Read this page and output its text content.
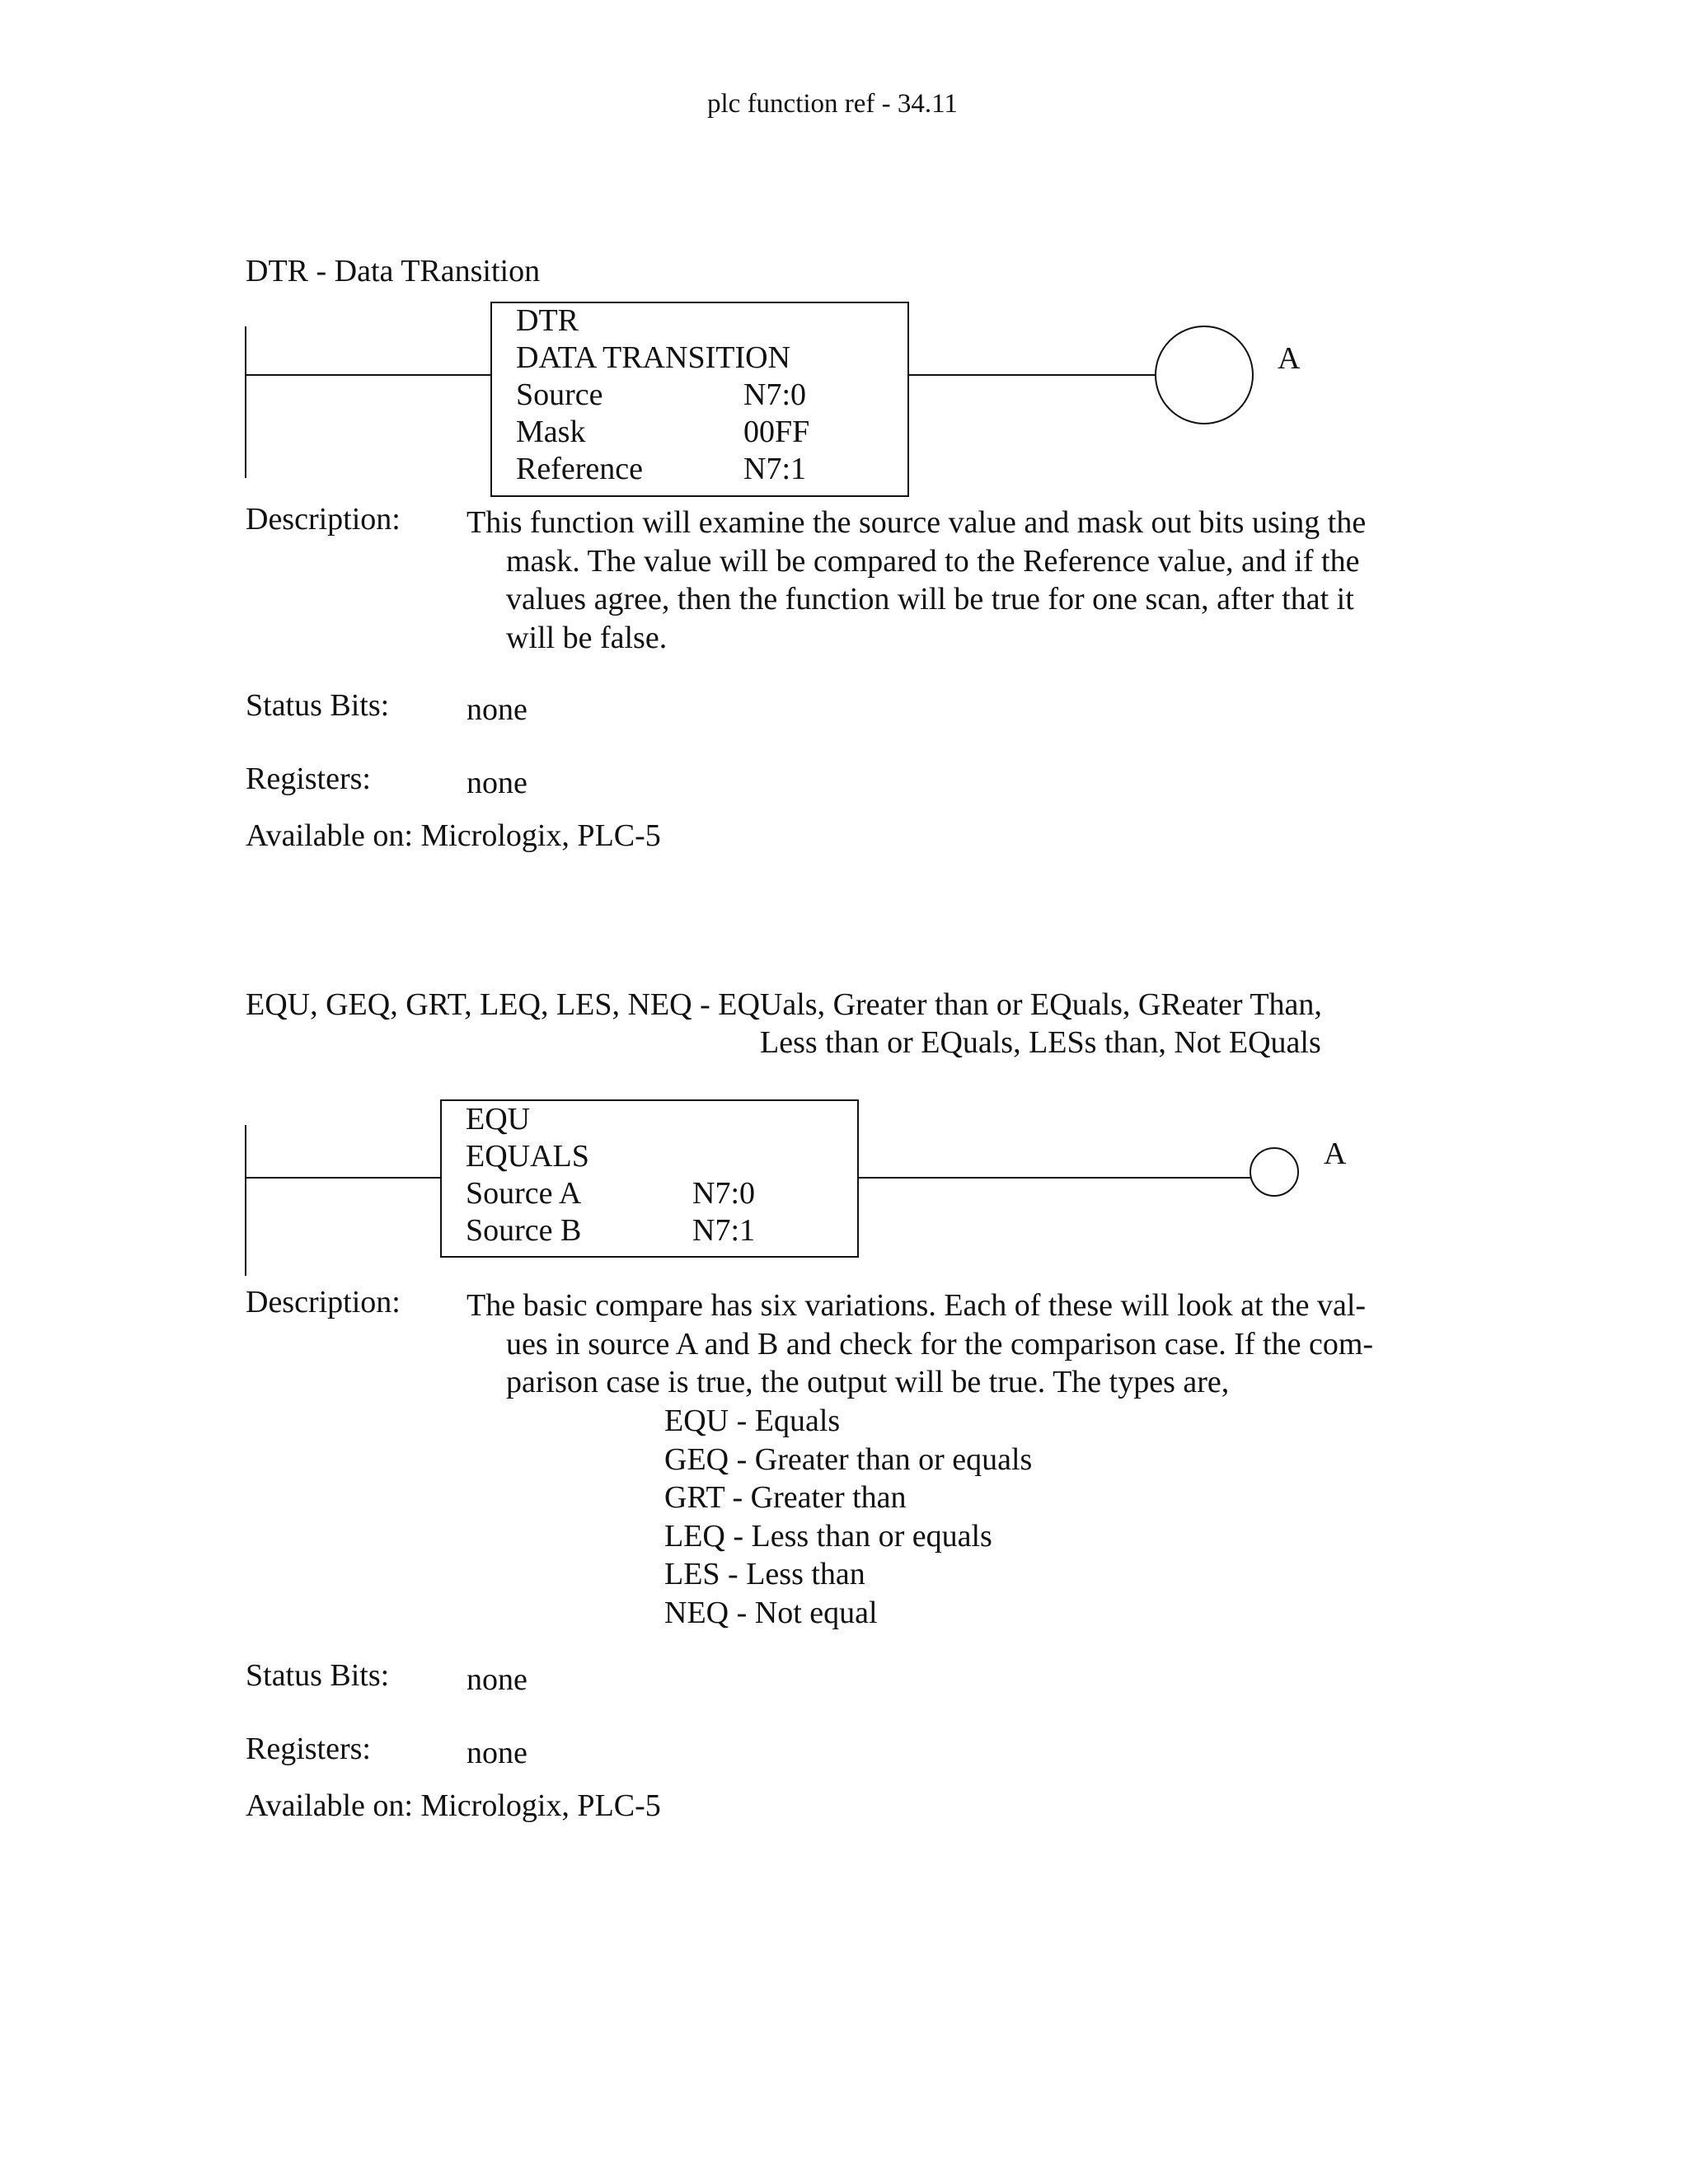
plc function ref - 34.11
DTR - Data TRansition
DTR
DATA TRANSITION
Source	N7:0
Mask	00FF
Reference	N7:1
A
Description: This function will examine the source value and mask out bits using the
mask. The value will be compared to the Reference value, and if the
values agree, then the function will be true for one scan, after that it
will be false.
Status Bits: none
Registers:	none
Available on: Micrologix, PLC-5
EQU, GEQ, GRT, LEQ, LES, NEQ - EQUals, Greater than or EQuals, GReater Than,
Less than or EQuals, LESs than, Not EQuals
EQU
EQUALS
Source A	N7:0
Source B	N7:1
A
Description: The basic compare has six variations. Each of these will look at the val-
ues in source A and B and check for the comparison case. If the com-
parison case is true, the output will be true. The types are,
EQU - Equals
GEQ - Greater than or equals
GRT - Greater than
LEQ - Less than or equals
LES - Less than
NEQ - Not equal
Status Bits: none
Registers:	none
Available on: Micrologix, PLC-5
